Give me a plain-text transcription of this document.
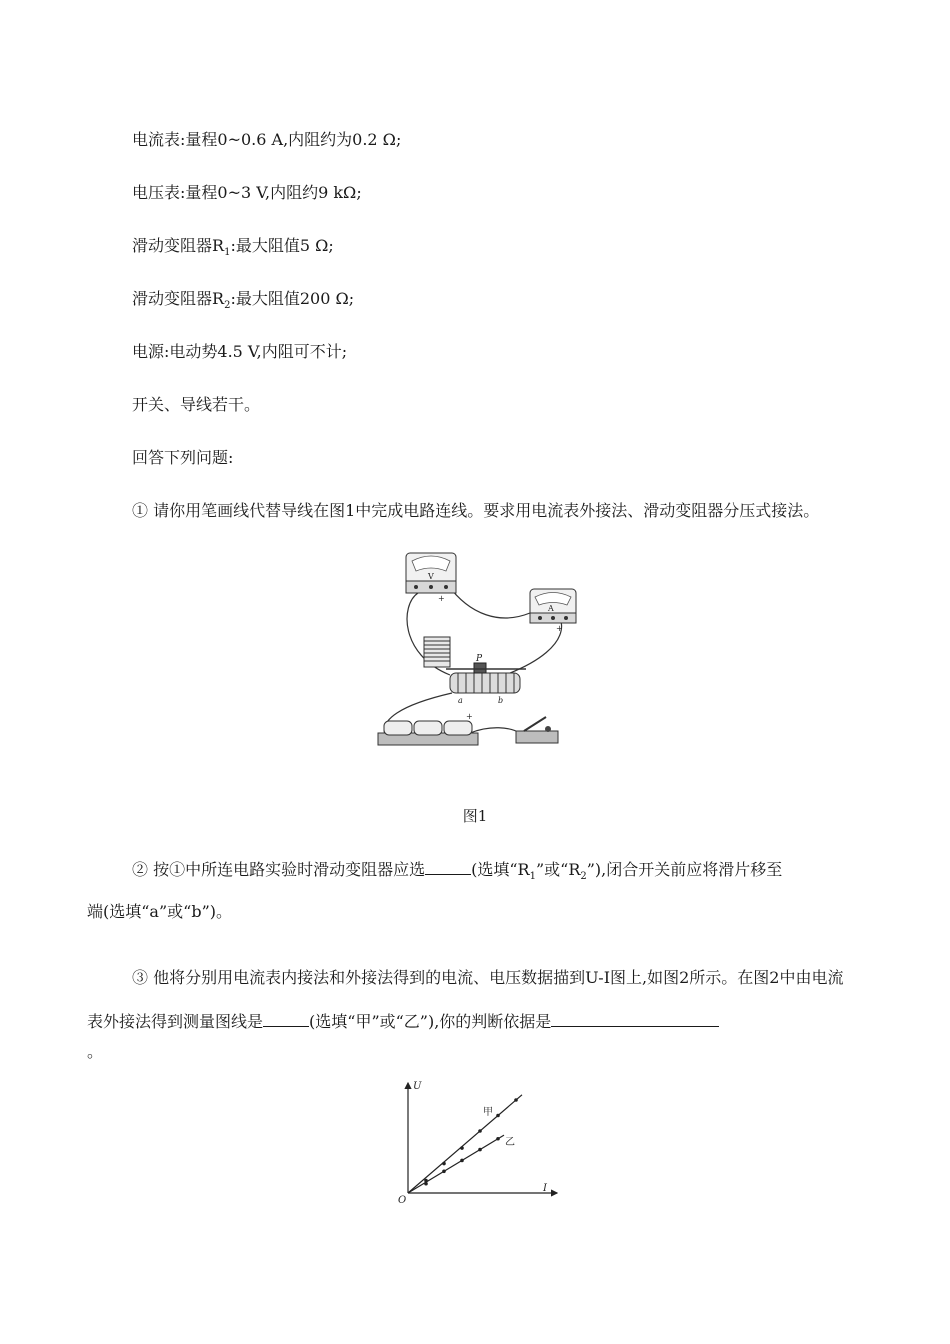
电流表:量程0~0.6 A,内阻约为0.2 Ω;
电压表:量程0~3 V,内阻约9 kΩ;
滑动变阻器$R_1$:最大阻值5 Ω;
滑动变阻器$R_2$:最大阻值200 Ω;
电源:电动势4.5 V,内阻可不计;
开关、导线若干。
回答下列问题:
① 请你用笔画线代替导线在图1中完成电路连线。要求用电流表外接法、滑动变阻器分压式接法。
V
+
A
+
P
a	b
+
图1
② 按①中所连电路实验时滑动变阻器应选	(选填“$R_1$”或“$R_2$”),闭合开关前应将滑片移至
端(选填“a”或“b”)。
③ 他将分别用电流表内接法和外接法得到的电流、电压数据描到U-I图上,如图2所示。在图2中由电流表外接法得到测量图线是	(选填“甲”或“乙”),你的判断依据是
。
U
I
O
甲
乙
